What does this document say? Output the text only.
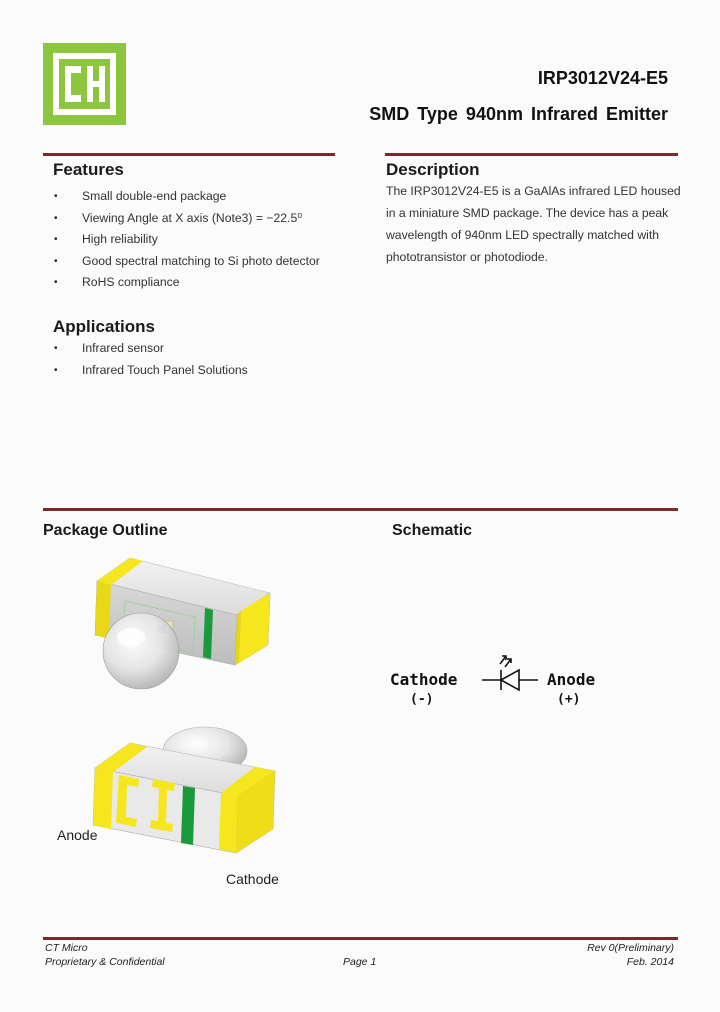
IRP3012V24-E5
SMD Type 940nm Infrared Emitter
Features
• Small double-end package
• Viewing Angle at X axis (Note3) = −22.5⁰
• High reliability
• Good spectral matching to Si photo detector
• RoHS compliance
Description
The IRP3012V24-E5 is a GaAlAs infrared LED housed in a miniature SMD package. The device has a peak wavelength of 940nm LED spectrally matched with phototransistor or photodiode.
Applications
• Infrared sensor
• Infrared Touch Panel Solutions
Package Outline	Schematic
Anode
Cathode
Cathode
(-)
Anode
(+)
CT Micro
Proprietary & Confidential	Page 1
Rev 0(Preliminary)
Feb. 2014
